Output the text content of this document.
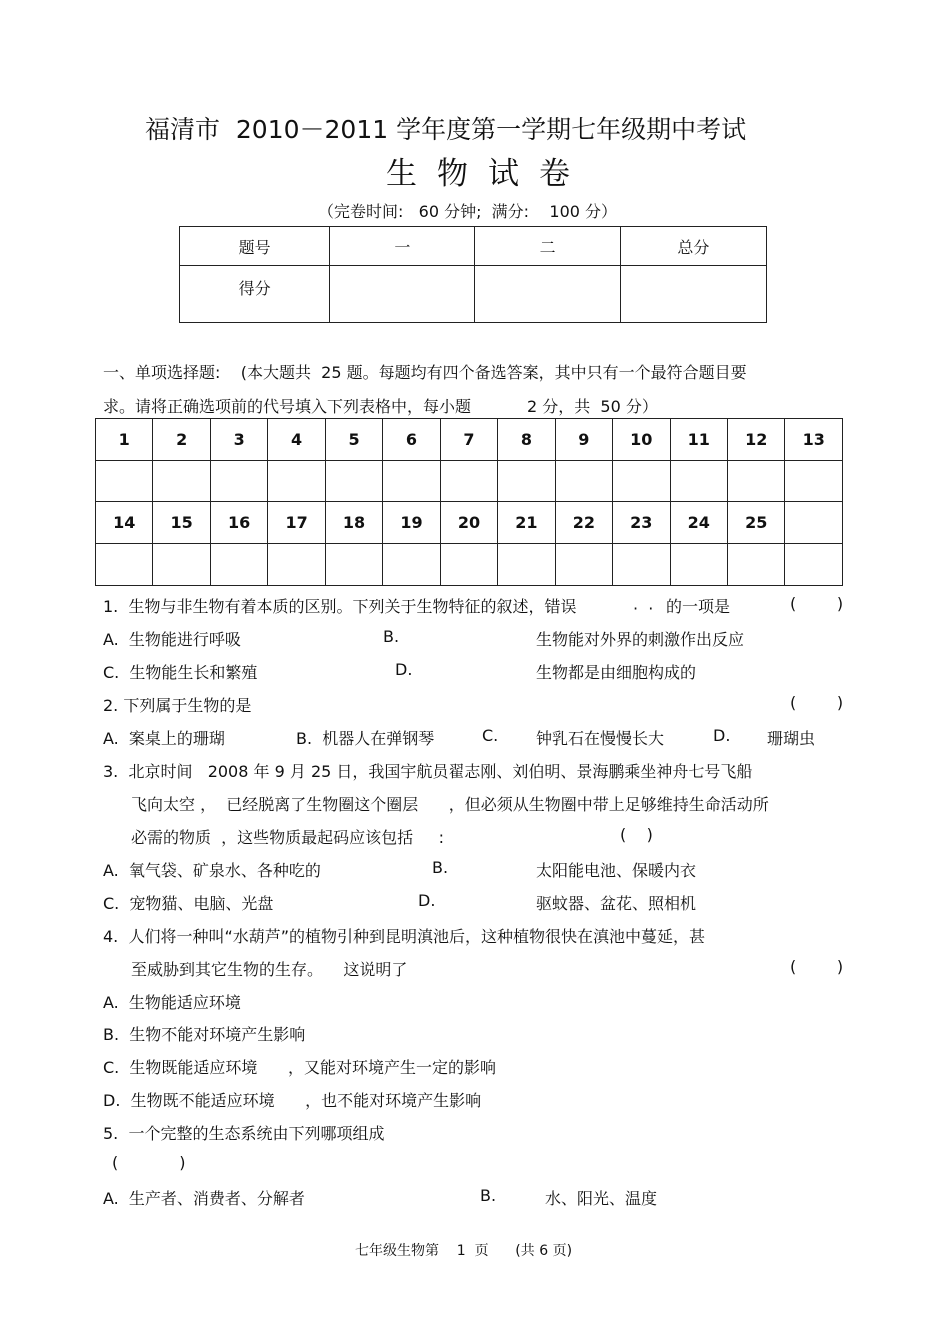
福清市  2010－2011 学年度第一学期七年级期中考试
生物试卷
（完卷时间:   60 分钟;  满分:    100 分）
题号	一	二	总分
得分			
一、单项选择题:    (本大题共  25 题。每题均有四个备选答案，其中只有一个最符合题目要
求。请将正确选项前的代号填入下列表格中，每小题           2 分，共  50 分）
1	2	3	4	5	6	7	8	9	10	11	12	13

14	15	16	17	18	19	20	21	22	23	24	25	

1.  生物与非生物有着本质的区别。下列关于生物特征的叙述，错误	·  · 的一项是	(        )
A.  生物能进行呼吸	B.	生物能对外界的刺激作出反应
C.  生物能生长和繁殖	D.	生物都是由细胞构成的
2. 下列属于生物的是	(        )
A.  案桌上的珊瑚	B.  机器人在弹钢琴	C. 钟乳石在慢慢长大	D. 珊瑚虫
3.  北京时间   2008 年 9 月 25 日，我国宇航员翟志刚、刘伯明、景海鹏乘坐神舟七号飞船
飞向太空 ，  已经脱离了生物圈这个圈层      ，但必须从生物圈中带上足够维持生命活动所
必需的物质  ，这些物质最起码应该包括     :	(    )
A.  氧气袋、矿泉水、各种吃的	B.	太阳能电池、保暖内衣
C.  宠物猫、电脑、光盘	D.	驱蚊器、盆花、照相机
4.  人们将一种叫“水葫芦”的植物引种到昆明滇池后，这种植物很快在滇池中蔓延，甚
至威胁到其它生物的生存。    这说明了	(        )
A.  生物能适应环境
B.  生物不能对环境产生影响
C.  生物既能适应环境      ，又能对环境产生一定的影响
D.  生物既不能适应环境      ，也不能对环境产生影响
5.  一个完整的生态系统由下列哪项组成
(            )
A.  生产者、消费者、分解者	B.	水、阳光、温度
七年级生物第    1  页      (共 6 页)
